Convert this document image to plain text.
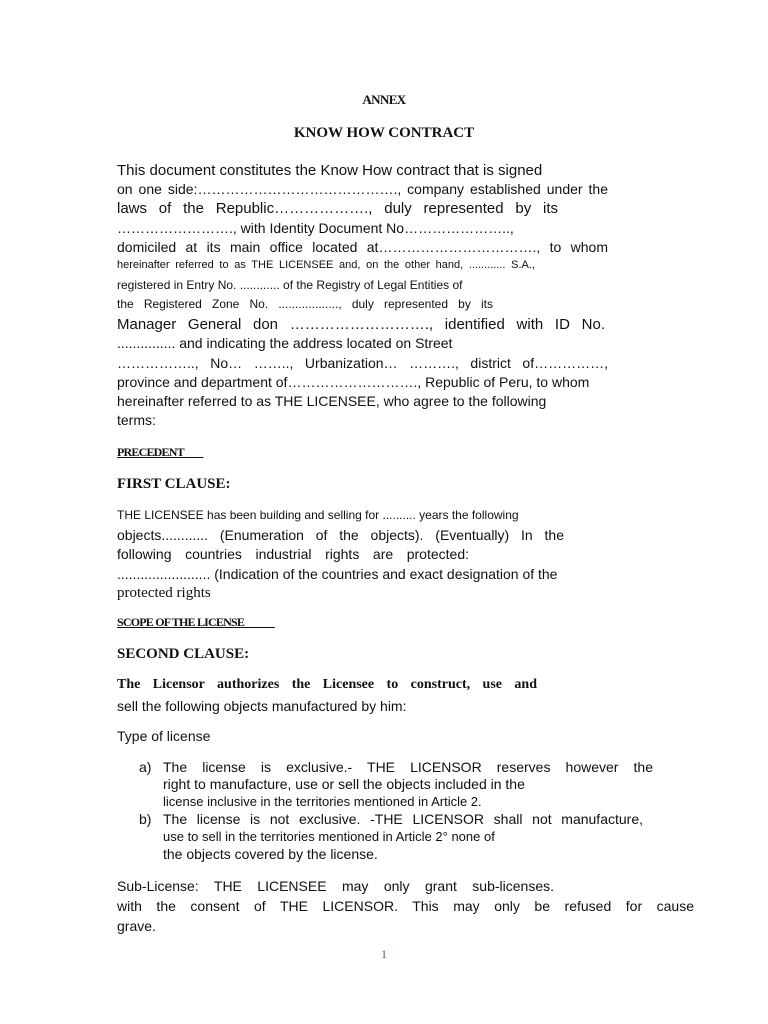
ANNEX
KNOW HOW CONTRACT
This document constitutes the Know How contract that is signed
on one side:……………………………………., company established under the
laws of the Republic………………., duly represented by its
……………………., with Identity Document No…………………..,
domiciled at its main office located at……………………………., to whom
hereinafter referred to as THE LICENSEE and, on the other hand, ............ S.A.,
registered in Entry No. ............ of the Registry of Legal Entities of
the Registered Zone No. .................., duly represented by its
Manager General don ………………………., identified with ID No.
............... and indicating the address located on Street
…………….., No… …….., Urbanization… ………., district of……………,
province and department of………………………., Republic of Peru, to whom
hereinafter referred to as THE LICENSEE, who agree to the following
terms:
PRECEDENT
FIRST CLAUSE:
THE LICENSEE has been building and selling for .......... years the following
objects............ (Enumeration of the objects). (Eventually) In the
following countries industrial rights are protected:
........................ (Indication of the countries and exact designation of the
protected rights
SCOPE OF THE LICENSE
SECOND CLAUSE:
The Licensor authorizes the Licensee to construct, use and
sell the following objects manufactured by him:
Type of license
a) The license is exclusive.- THE LICENSOR reserves however the
right to manufacture, use or sell the objects included in the
license inclusive in the territories mentioned in Article 2.
b) The license is not exclusive. -THE LICENSOR shall not manufacture,
use to sell in the territories mentioned in Article 2° none of
the objects covered by the license.
Sub-License: THE LICENSEE may only grant sub-licenses.
with the consent of THE LICENSOR. This may only be refused for cause
grave.
1
